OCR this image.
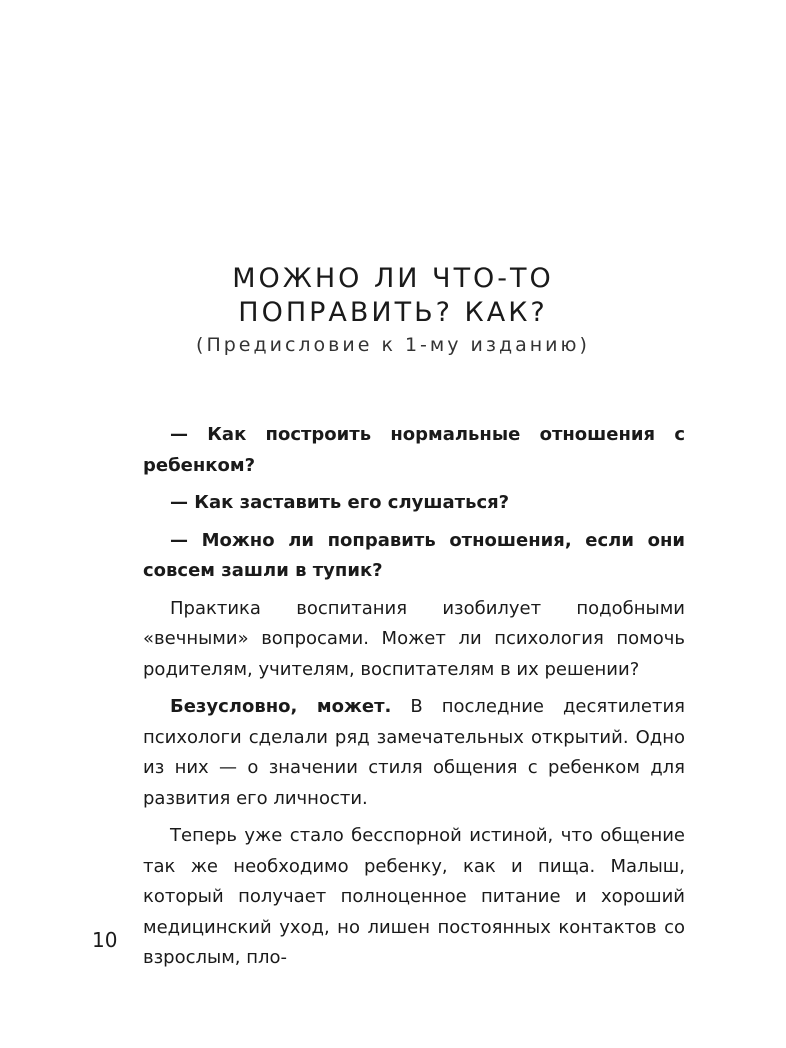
МОЖНО ЛИ ЧТО-ТО
ПОПРАВИТЬ? КАК?
(Предисловие к 1-му изданию)

— Как построить нормальные отношения с ребенком?

— Как заставить его слушаться?

— Можно ли поправить отношения, если они совсем зашли в тупик?

Практика воспитания изобилует подобными «вечными» вопросами. Может ли психология помочь родителям, учителям, воспитателям в их решении?

Безусловно, может. В последние десятилетия психологи сделали ряд замечательных открытий. Одно из них — о значении стиля общения с ребенком для развития его личности.

Теперь уже стало бесспорной истиной, что общение так же необходимо ребенку, как и пища. Малыш, который получает полноценное питание и хороший медицинский уход, но лишен постоянных контактов со взрослым, пло-

10
